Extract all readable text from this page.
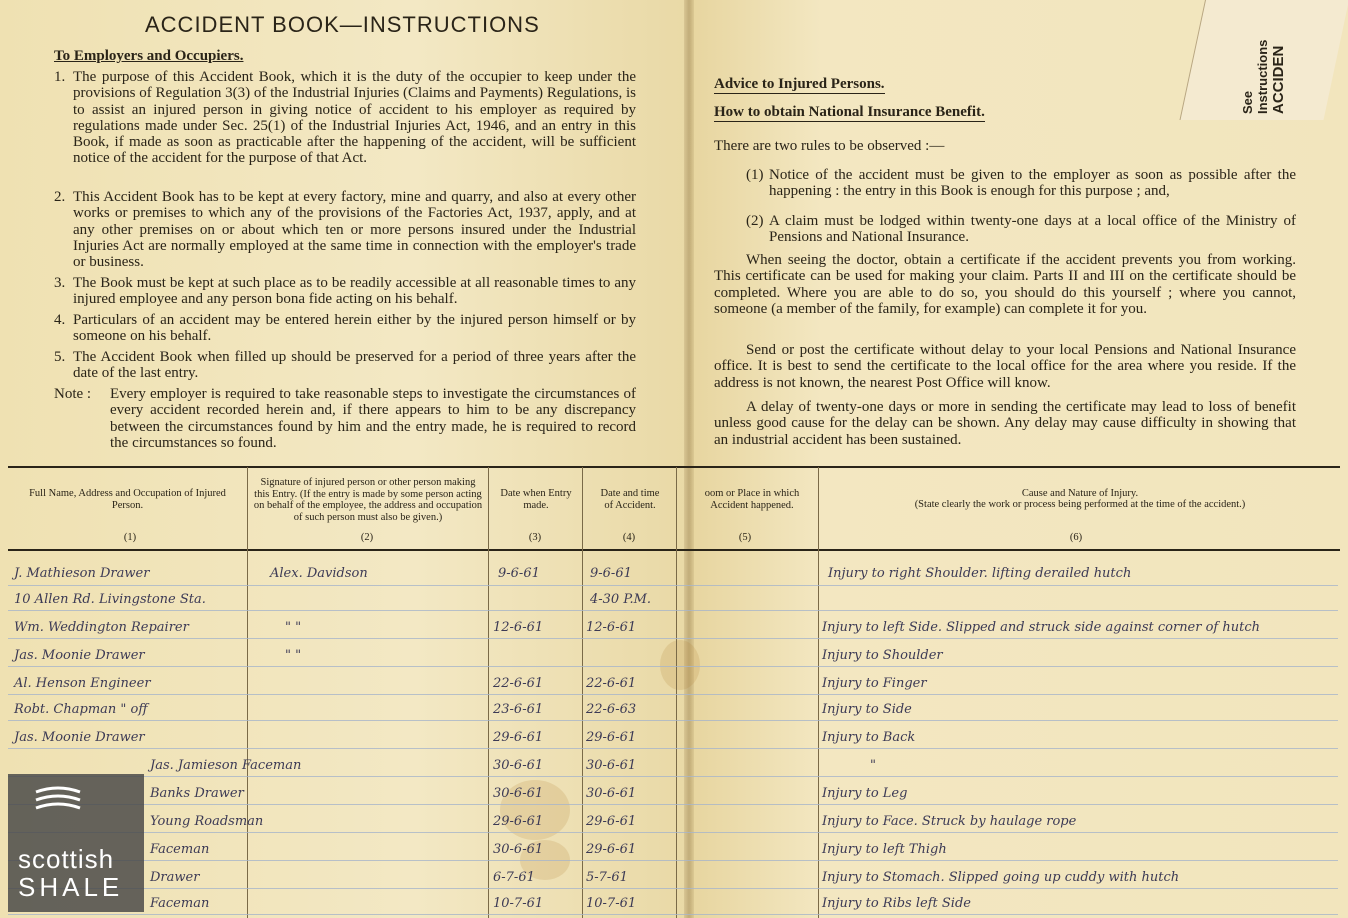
ACCIDENT BOOK—INSTRUCTIONS
To Employers and Occupiers.
1. The purpose of this Accident Book, which it is the duty of the occupier to keep under the provisions of Regulation 3(3) of the Industrial Injuries (Claims and Payments) Regulations, is to assist an injured person in giving notice of accident to his employer as required by regulations made under Sec. 25(1) of the Industrial Injuries Act, 1946, and an entry in this Book, if made as soon as practicable after the happening of the accident, will be sufficient notice of the accident for the purpose of that Act.
2. This Accident Book has to be kept at every factory, mine and quarry, and also at every other works or premises to which any of the provisions of the Factories Act, 1937, apply, and at any other premises on or about which ten or more persons insured under the Industrial Injuries Act are normally employed at the same time in connection with the employer's trade or business.
3. The Book must be kept at such place as to be readily accessible at all reasonable times to any injured employee and any person bona fide acting on his behalf.
4. Particulars of an accident may be entered herein either by the injured person himself or by someone on his behalf.
5. The Accident Book when filled up should be preserved for a period of three years after the date of the last entry.
Note : Every employer is required to take reasonable steps to investigate the circumstances of every accident recorded herein and, if there appears to him to be any discrepancy between the circumstances found by him and the entry made, he is required to record the circumstances so found.
See Instructions ACCIDEN
Advice to Injured Persons.
How to obtain National Insurance Benefit.
There are two rules to be observed :—
(1) Notice of the accident must be given to the employer as soon as possible after the happening : the entry in this Book is enough for this purpose ; and,
(2) A claim must be lodged within twenty-one days at a local office of the Ministry of Pensions and National Insurance.
When seeing the doctor, obtain a certificate if the accident prevents you from working. This certificate can be used for making your claim. Parts II and III on the certificate should be completed. Where you are able to do so, you should do this yourself ; where you cannot, someone (a member of the family, for example) can complete it for you.
Send or post the certificate without delay to your local Pensions and National Insurance office. It is best to send the certificate to the local office for the area where you reside. If the address is not known, the nearest Post Office will know.
A delay of twenty-one days or more in sending the certificate may lead to loss of benefit unless good cause for the delay can be shown. Any delay may cause difficulty in showing that an industrial accident has been sustained.
Full Name, Address and Occupation of Injured Person.
(1)
Signature of injured person or other person making this Entry. (If the entry is made by some person acting on behalf of the employee, the address and occupation of such person must also be given.)
(2)
Date when Entry made.
(3)
Date and time of Accident.
(4)
oom or Place in which Accident happened.
(5)
Cause and Nature of Injury.
(State clearly the work or process being performed at the time of the accident.)
(6)
J. Mathieson Drawer	Alex. Davidson	9-6-61	9-6-61	Injury to right Shoulder. lifting derailed hutch
10 Allen Rd. Livingstone Sta.	4-30 P.M.
Wm. Weddington Repairer	" "	12-6-61	12-6-61	Injury to left Side. Slipped and struck side against corner of hutch
Jas. Moonie Drawer	" "	Injury to Shoulder
Al. Henson Engineer	22-6-61	22-6-61	Injury to Finger
Robt. Chapman " off	23-6-61	22-6-63	Injury to Side
Jas. Moonie Drawer	29-6-61	29-6-61	Injury to Back
Jas. Jamieson Faceman	30-6-61	30-6-61	"
Banks Drawer	30-6-61	30-6-61	Injury to Leg
Young Roadsman	29-6-61	29-6-61	Injury to Face. Struck by haulage rope
Faceman	30-6-61	29-6-61	Injury to left Thigh
Drawer	6-7-61	5-7-61	Injury to Stomach. Slipped going up cuddy with hutch
Faceman	10-7-61	10-7-61	Injury to Ribs left Side
scottish
SHALE
